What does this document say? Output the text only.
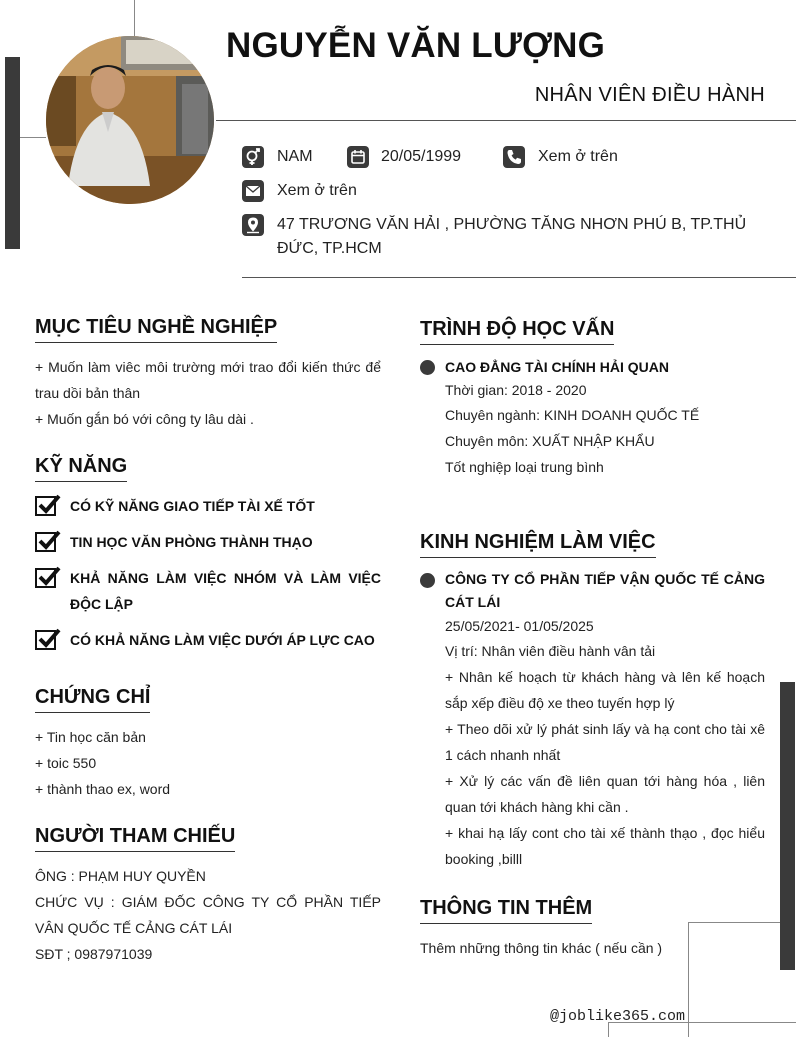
NGUYỄN VĂN LƯỢNG
NHÂN VIÊN ĐIỀU HÀNH
NAM	20/05/1999	Xem ở trên
Xem ở trên
47 TRƯƠNG VĂN HẢI , PHƯỜNG TĂNG NHƠN PHÚ B, TP.THỦ ĐỨC, TP.HCM
MỤC TIÊU NGHỀ NGHIỆP
+ Muốn làm viêc môi trường mới trao đổi kiến thức để trau dồi bản thân
+ Muốn gắn bó với công ty lâu dài .
KỸ NĂNG
CÓ KỸ NĂNG GIAO TIẾP TÀI XẾ TỐT
TIN HỌC VĂN PHÒNG THÀNH THẠO
KHẢ NĂNG LÀM VIỆC NHÓM VÀ LÀM VIỆC ĐỘC LẬP
CÓ KHẢ NĂNG LÀM VIỆC DƯỚI ÁP LỰC CAO
CHỨNG CHỈ
+ Tin học căn bản
+ toic 550
+ thành thao ex, word
NGƯỜI THAM CHIẾU
ÔNG : PHẠM HUY QUYỀN
CHỨC VỤ : GIÁM ĐỐC CÔNG TY CỔ PHẦN TIẾP VÂN QUỐC TẾ CẢNG CÁT LÁI
SĐT ; 0987971039
TRÌNH ĐỘ HỌC VẤN
CAO ĐẲNG TÀI CHÍNH HẢI QUAN
Thời gian: 2018 - 2020
Chuyên ngành: KINH DOANH QUỐC TẾ
Chuyên môn: XUẤT NHẬP KHẨU
Tốt nghiệp loại trung bình
KINH NGHIỆM LÀM VIỆC
CÔNG TY CỔ PHẦN TIẾP VẬN QUỐC TẾ CẢNG CÁT LÁI
25/05/2021- 01/05/2025
Vị trí: Nhân viên điều hành vân tải
+ Nhân kế hoạch từ khách hàng và lên kế hoạch sắp xếp điều độ xe theo tuyến hợp lý
+ Theo dõi xử lý phát sinh lấy và hạ cont cho tài xê 1 cách nhanh nhất
+ Xử lý các vấn đề liên quan tới hàng hóa , liên quan tới khách hàng khi cần .
+ khai hạ lấy cont cho tài xế thành thạo , đọc hiểu booking ,billl
THÔNG TIN THÊM
Thêm những thông tin khác ( nếu cần )
@joblike365.com
